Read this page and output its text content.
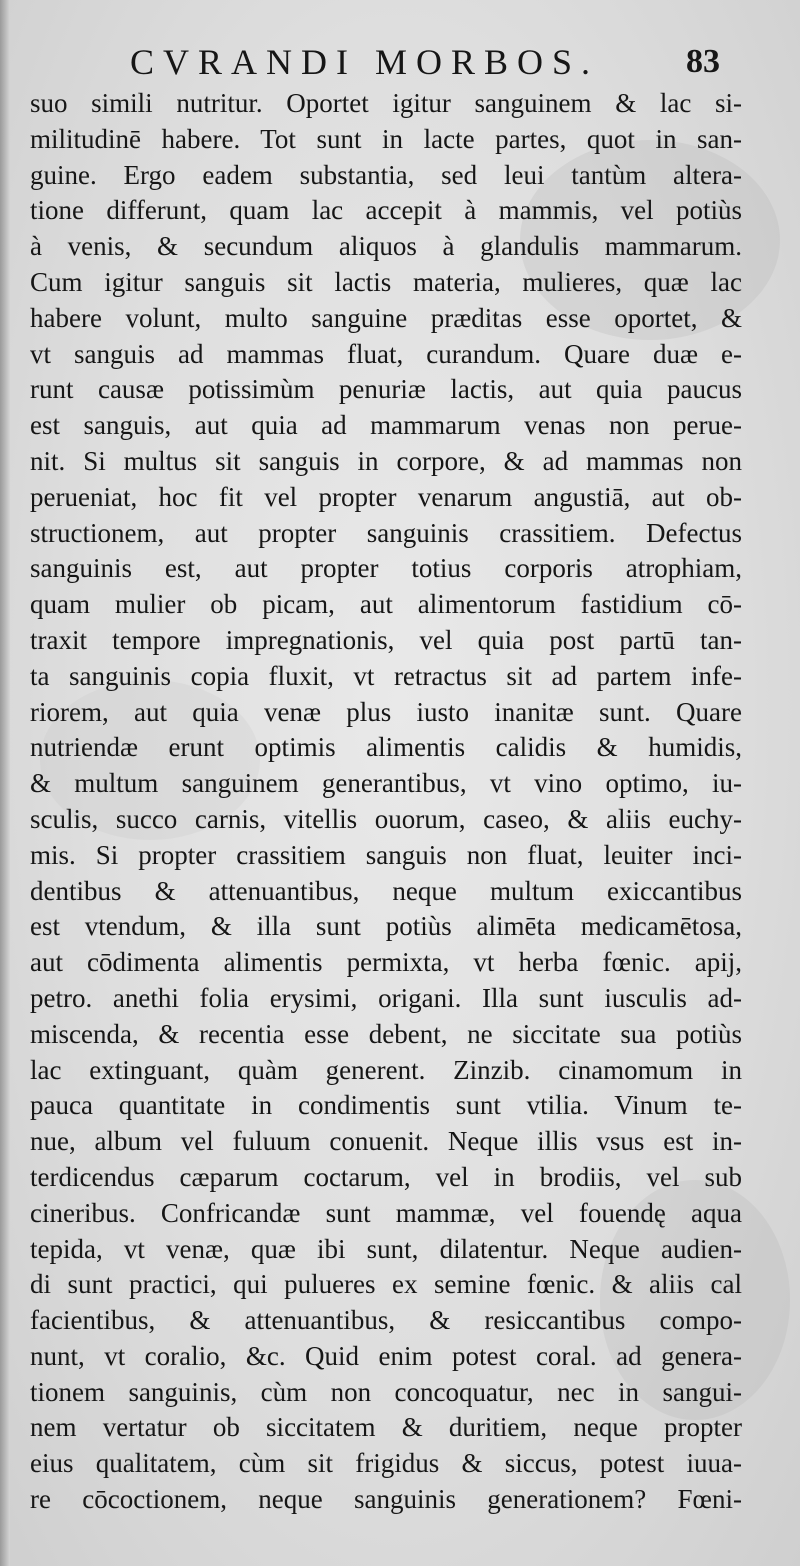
CVRANDI MORBOS.	83
suo simili nutritur. Oportet igitur sanguinem & lac si-
militudinē habere. Tot sunt in lacte partes, quot in san-
guine. Ergo eadem substantia, sed leui tantùm altera-
tione differunt, quam lac accepit à mammis, vel potiùs
à venis, & secundum aliquos à glandulis mammarum.
Cum igitur sanguis sit lactis materia, mulieres, quæ lac
habere volunt, multo sanguine præditas esse oportet, &
vt sanguis ad mammas fluat, curandum. Quare duæ e-
runt causæ potissimùm penuriæ lactis, aut quia paucus
est sanguis, aut quia ad mammarum venas non perue-
nit. Si multus sit sanguis in corpore, & ad mammas non
perueniat, hoc fit vel propter venarum angustiā, aut ob-
structionem, aut propter sanguinis crassitiem. Defectus
sanguinis est, aut propter totius corporis atrophiam,
quam mulier ob picam, aut alimentorum fastidium cō-
traxit tempore impregnationis, vel quia post partū tan-
ta sanguinis copia fluxit, vt retractus sit ad partem infe-
riorem, aut quia venæ plus iusto inanitæ sunt. Quare
nutriendæ erunt optimis alimentis calidis & humidis,
& multum sanguinem generantibus, vt vino optimo, iu-
sculis, succo carnis, vitellis ouorum, caseo, & aliis euchy-
mis. Si propter crassitiem sanguis non fluat, leuiter inci-
dentibus & attenuantibus, neque multum exiccantibus
est vtendum, & illa sunt potiùs alimēta medicamētosa,
aut cōdimenta alimentis permixta, vt herba fœnic. apij,
petro. anethi folia erysimi, origani. Illa sunt iusculis ad-
miscenda, & recentia esse debent, ne siccitate sua potiùs
lac extinguant, quàm generent. Zinzib. cinamomum in
pauca quantitate in condimentis sunt vtilia. Vinum te-
nue, album vel fuluum conuenit. Neque illis vsus est in-
terdicendus cæparum coctarum, vel in brodiis, vel sub
cineribus. Confricandæ sunt mammæ, vel fouendę aqua
tepida, vt venæ, quæ ibi sunt, dilatentur. Neque audien-
di sunt practici, qui pulueres ex semine fœnic. & aliis cal
facientibus, & attenuantibus, & resiccantibus compo-
nunt, vt coralio, &c. Quid enim potest coral. ad genera-
tionem sanguinis, cùm non concoquatur, nec in sangui-
nem vertatur ob siccitatem & duritiem, neque propter
eius qualitatem, cùm sit frigidus & siccus, potest iuua-
re cōcoctionem, neque sanguinis generationem? Fœni-
